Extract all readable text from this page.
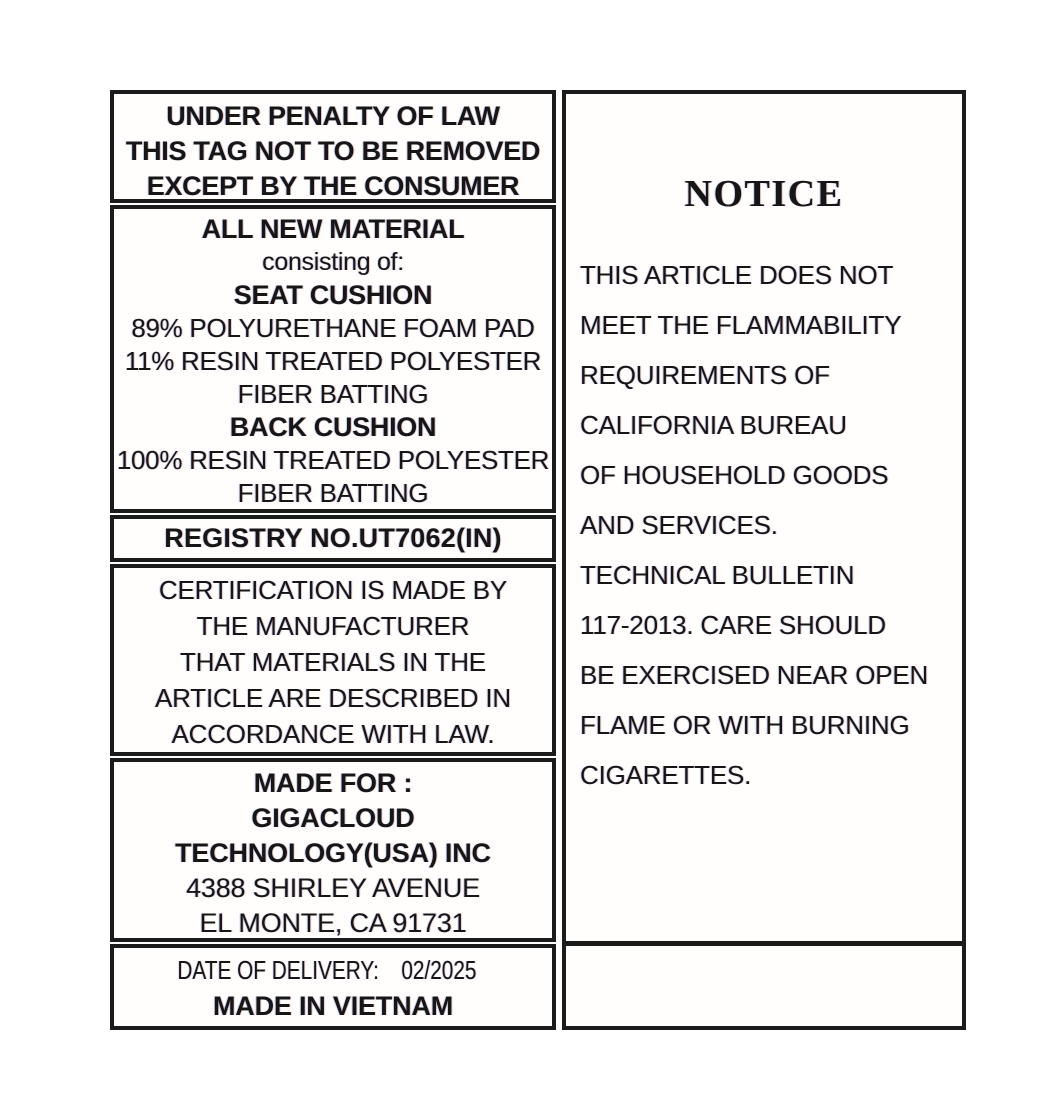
UNDER PENALTY OF LAW
THIS TAG NOT TO BE REMOVED
EXCEPT BY THE CONSUMER
ALL NEW MATERIAL
consisting of:
SEAT CUSHION
89% POLYURETHANE FOAM PAD
11% RESIN TREATED POLYESTER
FIBER BATTING
BACK CUSHION
100% RESIN TREATED POLYESTER
FIBER BATTING
REGISTRY NO.UT7062(IN)
CERTIFICATION IS MADE BY
THE MANUFACTURER
THAT MATERIALS IN THE
ARTICLE ARE DESCRIBED IN
ACCORDANCE WITH LAW.
MADE FOR :
GIGACLOUD
TECHNOLOGY(USA) INC
4388 SHIRLEY AVENUE
EL MONTE, CA 91731
DATE OF DELIVERY: 02/2025
MADE IN VIETNAM
NOTICE
THIS ARTICLE DOES NOT
MEET THE FLAMMABILITY
REQUIREMENTS OF
CALIFORNIA BUREAU
OF HOUSEHOLD GOODS
AND SERVICES.
TECHNICAL BULLETIN
117-2013. CARE SHOULD
BE EXERCISED NEAR OPEN
FLAME OR WITH BURNING
CIGARETTES.
